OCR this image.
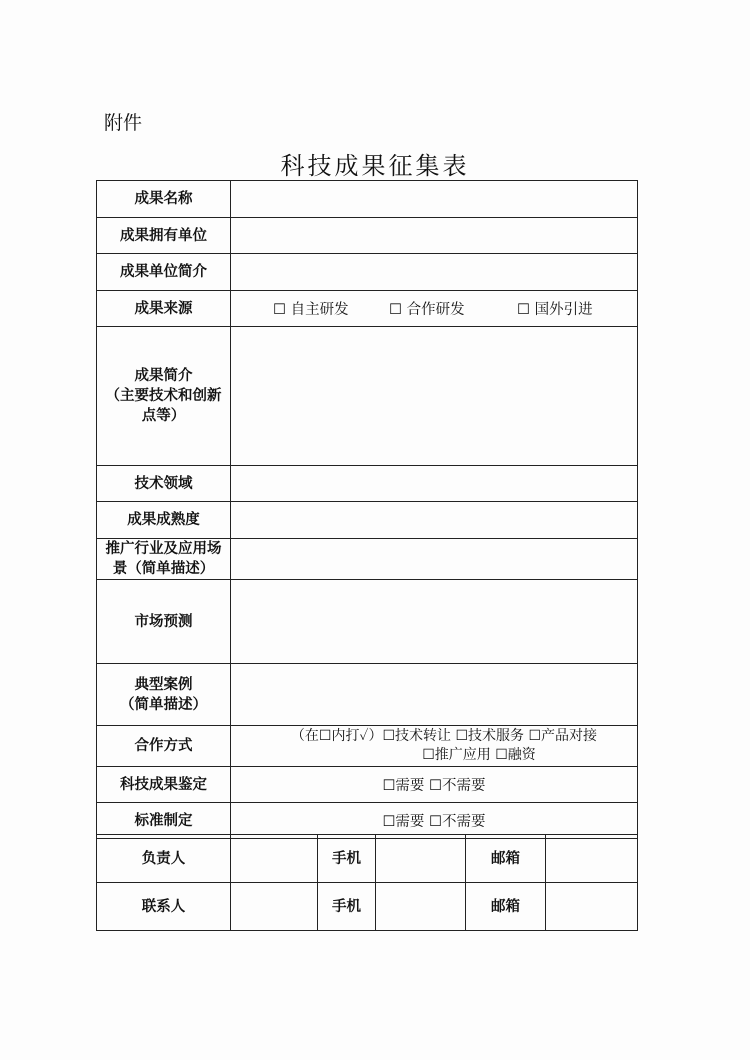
附件
科技成果征集表
成果名称	
成果拥有单位	
成果单位简介	
成果来源	☐ 自主研发 ☐ 合作研发 ☐ 国外引进

成果简介
（主要技术和创新
点等）	

技术领域	
成果成熟度	

推广行业及应用场
景（简单描述）	

市场预测	

典型案例
（简单描述）	

合作方式	（在☐内打✓）☐技术转让 ☐技术服务 ☐产品对接
☐推广应用 ☐融资

科技成果鉴定	☐需要 ☐不需要
标准制定	☐需要 ☐不需要
负责人		手机		邮箱	
联系人		手机		邮箱	
